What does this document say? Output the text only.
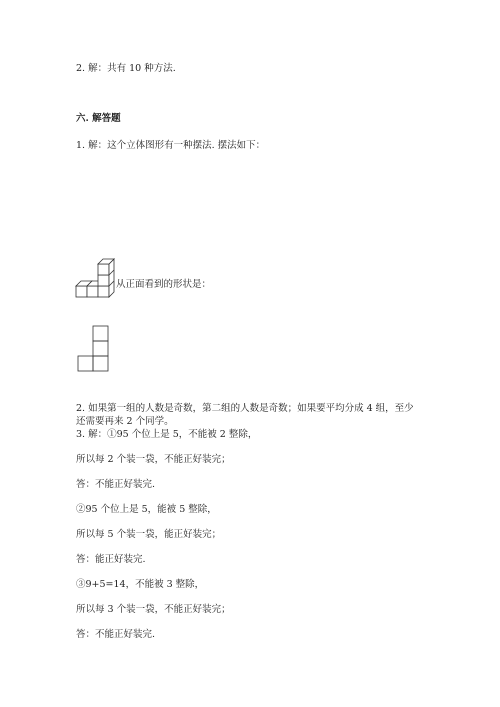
2. 解：共有 10 种方法.
六. 解答题
1. 解：这个立体图形有一种摆法. 摆法如下：
从正面看到的形状是：
2. 如果第一组的人数是奇数，第二组的人数是奇数；如果要平均分成 4 组，至少还需要再来 2 个同学。
3. 解：①95 个位上是 5，不能被 2 整除，
所以每 2 个装一袋，不能正好装完；
答：不能正好装完.
②95 个位上是 5，能被 5 整除，
所以每 5 个装一袋，能正好装完；
答：能正好装完.
③9+5=14，不能被 3 整除，
所以每 3 个装一袋，不能正好装完；
答：不能正好装完.
